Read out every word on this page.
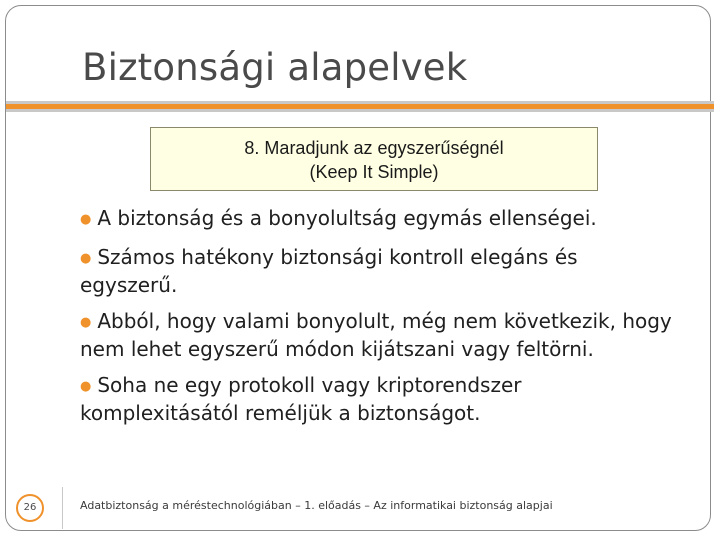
Biztonsági alapelvek
8. Maradjunk az egyszerűségnél
(Keep It Simple)
● A biztonság és a bonyolultság egymás ellenségei.
● Számos hatékony biztonsági kontroll elegáns és egyszerű.
● Abból, hogy valami bonyolult, még nem következik, hogy nem lehet egyszerű módon kijátszani vagy feltörni.
● Soha ne egy protokoll vagy kriptorendszer komplexitásától reméljük a biztonságot.
26	Adatbiztonság a méréstechnológiában – 1. előadás – Az informatikai biztonság alapjai
